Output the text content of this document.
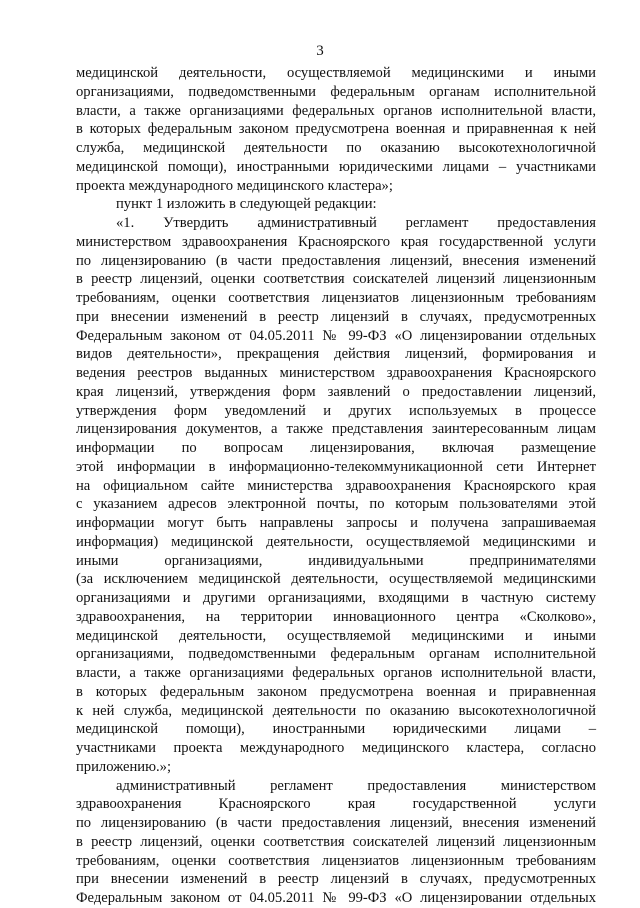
3
медицинской деятельности, осуществляемой медицинскими и иными
организациями, подведомственными федеральным органам исполнительной
власти, а также организациями федеральных органов исполнительной власти,
в которых федеральным законом предусмотрена военная и приравненная к ней
служба, медицинской деятельности по оказанию высокотехнологичной
медицинской помощи), иностранными юридическими лицами – участниками
проекта международного медицинского кластера»;
пункт 1 изложить в следующей редакции:
«1. Утвердить административный регламент предоставления
министерством здравоохранения Красноярского края государственной услуги
по лицензированию (в части предоставления лицензий, внесения изменений
в реестр лицензий, оценки соответствия соискателей лицензий лицензионным
требованиям, оценки соответствия лицензиатов лицензионным требованиям
при внесении изменений в реестр лицензий в случаях, предусмотренных
Федеральным законом от 04.05.2011 № 99-ФЗ «О лицензировании отдельных
видов деятельности», прекращения действия лицензий, формирования и
ведения реестров выданных министерством здравоохранения Красноярского
края лицензий, утверждения форм заявлений о предоставлении лицензий,
утверждения форм уведомлений и других используемых в процессе
лицензирования документов, а также представления заинтересованным лицам
информации по вопросам лицензирования, включая размещение
этой информации в информационно-телекоммуникационной сети Интернет
на официальном сайте министерства здравоохранения Красноярского края
с указанием адресов электронной почты, по которым пользователями этой
информации могут быть направлены запросы и получена запрашиваемая
информация) медицинской деятельности, осуществляемой медицинскими и
иными организациями, индивидуальными предпринимателями
(за исключением медицинской деятельности, осуществляемой медицинскими
организациями и другими организациями, входящими в частную систему
здравоохранения, на территории инновационного центра «Сколково»,
медицинской деятельности, осуществляемой медицинскими и иными
организациями, подведомственными федеральным органам исполнительной
власти, а также организациями федеральных органов исполнительной власти,
в которых федеральным законом предусмотрена военная и приравненная
к ней служба, медицинской деятельности по оказанию высокотехнологичной
медицинской помощи), иностранными юридическими лицами –
участниками проекта международного медицинского кластера, согласно
приложению.»;
административный регламент предоставления министерством
здравоохранения Красноярского края государственной услуги
по лицензированию (в части предоставления лицензий, внесения изменений
в реестр лицензий, оценки соответствия соискателей лицензий лицензионным
требованиям, оценки соответствия лицензиатов лицензионным требованиям
при внесении изменений в реестр лицензий в случаях, предусмотренных
Федеральным законом от 04.05.2011 № 99-ФЗ «О лицензировании отдельных
